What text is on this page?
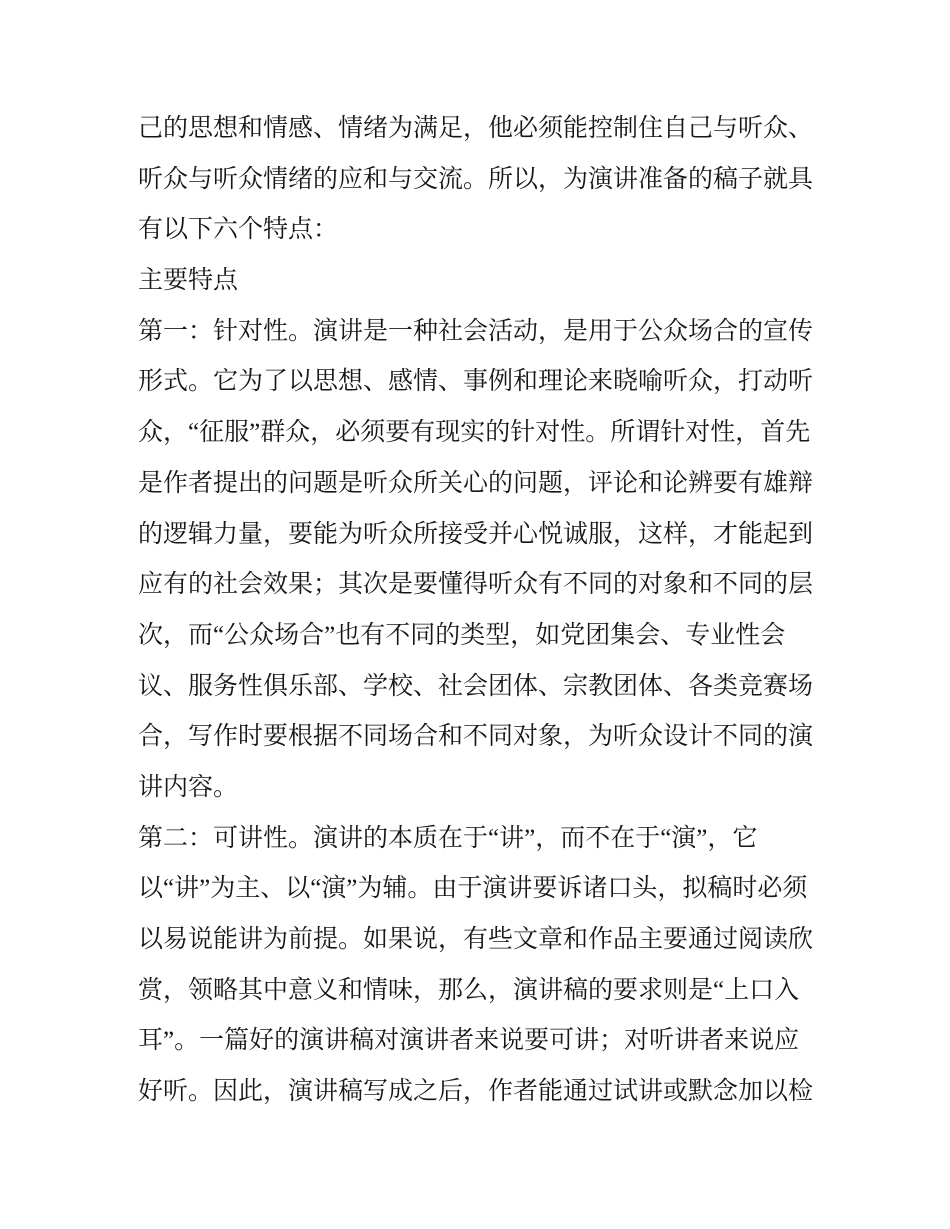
己的思想和情感、情绪为满足，他必须能控制住自己与听众、
听众与听众情绪的应和与交流。所以，为演讲准备的稿子就具
有以下六个特点：
主要特点
第一：针对性。演讲是一种社会活动，是用于公众场合的宣传
形式。它为了以思想、感情、事例和理论来晓喻听众，打动听
众，“征服”群众，必须要有现实的针对性。所谓针对性，首先
是作者提出的问题是听众所关心的问题，评论和论辨要有雄辩
的逻辑力量，要能为听众所接受并心悦诚服，这样，才能起到
应有的社会效果；其次是要懂得听众有不同的对象和不同的层
次，而“公众场合”也有不同的类型，如党团集会、专业性会
议、服务性俱乐部、学校、社会团体、宗教团体、各类竞赛场
合，写作时要根据不同场合和不同对象，为听众设计不同的演
讲内容。
第二：可讲性。演讲的本质在于“讲”，而不在于“演”，它
以“讲”为主、以“演”为辅。由于演讲要诉诸口头，拟稿时必须
以易说能讲为前提。如果说，有些文章和作品主要通过阅读欣
赏，领略其中意义和情味，那么，演讲稿的要求则是“上口入
耳”。一篇好的演讲稿对演讲者来说要可讲；对听讲者来说应
好听。因此，演讲稿写成之后，作者能通过试讲或默念加以检
